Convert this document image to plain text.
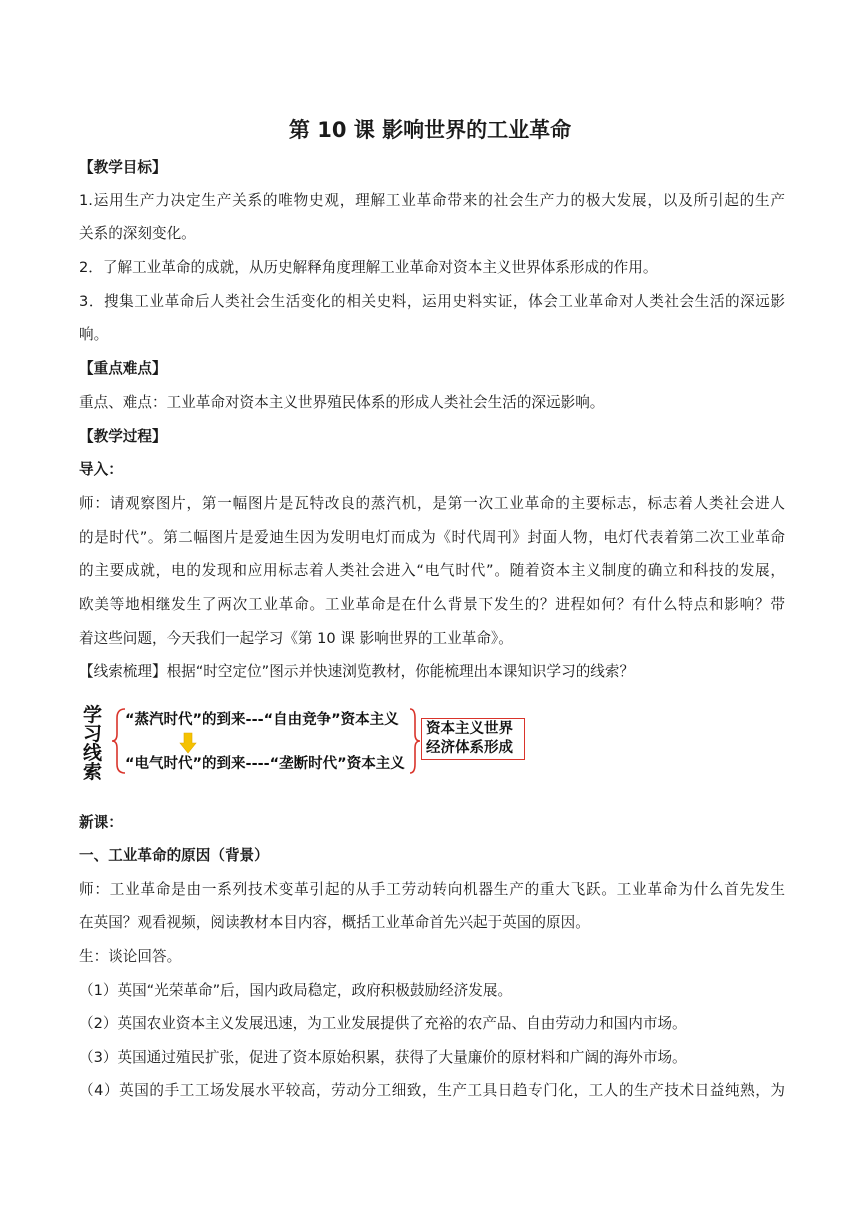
第 10 课 影响世界的工业革命
【教学目标】
1.运用生产力决定生产关系的唯物史观，理解工业革命带来的社会生产力的极大发展，以及所引起的生产
关系的深刻变化。
2．了解工业革命的成就，从历史解释角度理解工业革命对资本主义世界体系形成的作用。
3．搜集工业革命后人类社会生活变化的相关史料，运用史料实证，体会工业革命对人类社会生活的深远影
响。
【重点难点】
重点、难点：工业革命对资本主义世界殖民体系的形成人类社会生活的深远影响。
【教学过程】
导入：
师：请观察图片，第一幅图片是瓦特改良的蒸汽机，是第一次工业革命的主要标志，标志着人类社会进人
的是时代”。第二幅图片是爱迪生因为发明电灯而成为《时代周刊》封面人物，电灯代表着第二次工业革命
的主要成就，电的发现和应用标志着人类社会进入“电气时代”。随着资本主义制度的确立和科技的发展，
欧美等地相继发生了两次工业革命。工业革命是在什么背景下发生的？进程如何？有什么特点和影响？带
着这些问题，今天我们一起学习《第 10 课 影响世界的工业革命》。
【线索梳理】根据“时空定位”图示并快速浏览教材，你能梳理出本课知识学习的线索？
学习线索
“蒸汽时代”的到来---“自由竞争”资本主义
“电气时代”的到来----“垄断时代”资本主义
资本主义世界
经济体系形成
新课：
一、工业革命的原因（背景）
师：工业革命是由一系列技术变革引起的从手工劳动转向机器生产的重大飞跃。工业革命为什么首先发生
在英国？观看视频，阅读教材本目内容，概括工业革命首先兴起于英国的原因。
生：谈论回答。
（1）英国“光荣革命”后，国内政局稳定，政府积极鼓励经济发展。
（2）英国农业资本主义发展迅速，为工业发展提供了充裕的农产品、自由劳动力和国内市场。
（3）英国通过殖民扩张，促进了资本原始积累，获得了大量廉价的原材料和广阔的海外市场。
（4）英国的手工工场发展水平较高，劳动分工细致，生产工具日趋专门化，工人的生产技术日益纯熟，为
